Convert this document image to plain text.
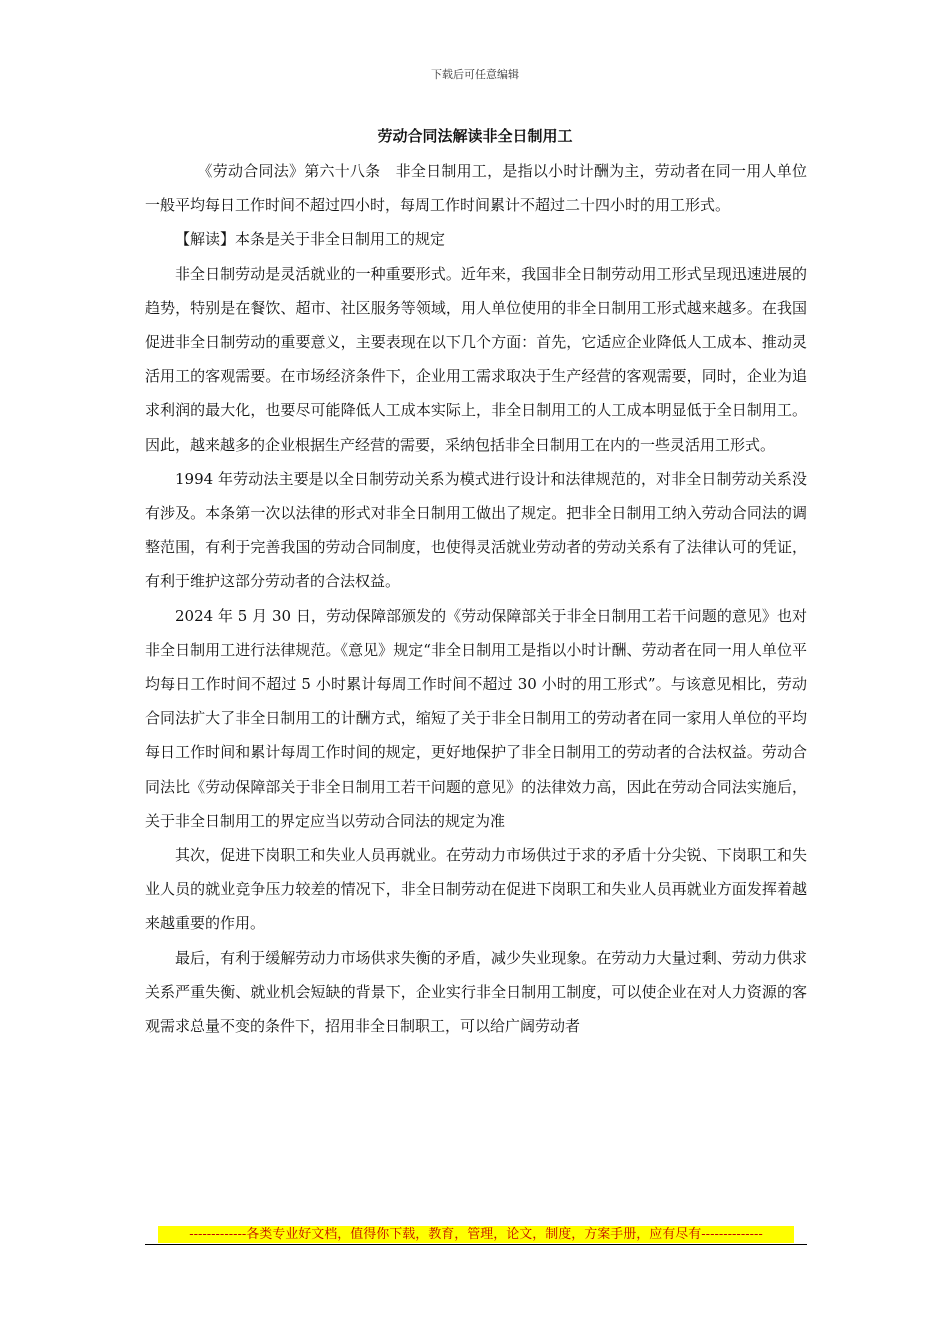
下载后可任意编辑
劳动合同法解读非全日制用工

《劳动合同法》第六十八条　非全日制用工，是指以小时计酬为主，劳动者在同一用人单位一般平均每日工作时间不超过四小时，每周工作时间累计不超过二十四小时的用工形式。

【解读】本条是关于非全日制用工的规定

非全日制劳动是灵活就业的一种重要形式。近年来，我国非全日制劳动用工形式呈现迅速进展的趋势，特别是在餐饮、超市、社区服务等领域，用人单位使用的非全日制用工形式越来越多。在我国促进非全日制劳动的重要意义，主要表现在以下几个方面：首先，它适应企业降低人工成本、推动灵活用工的客观需要。在市场经济条件下，企业用工需求取决于生产经营的客观需要，同时，企业为追求利润的最大化，也要尽可能降低人工成本实际上，非全日制用工的人工成本明显低于全日制用工。因此，越来越多的企业根据生产经营的需要，采纳包括非全日制用工在内的一些灵活用工形式。

1994 年劳动法主要是以全日制劳动关系为模式进行设计和法律规范的，对非全日制劳动关系没有涉及。本条第一次以法律的形式对非全日制用工做出了规定。把非全日制用工纳入劳动合同法的调整范围，有利于完善我国的劳动合同制度，也使得灵活就业劳动者的劳动关系有了法律认可的凭证，有利于维护这部分劳动者的合法权益。

2024 年 5 月 30 日，劳动保障部颁发的《劳动保障部关于非全日制用工若干问题的意见》也对非全日制用工进行法律规范。《意见》规定“非全日制用工是指以小时计酬、劳动者在同一用人单位平均每日工作时间不超过 5 小时累计每周工作时间不超过 30 小时的用工形式”。与该意见相比，劳动合同法扩大了非全日制用工的计酬方式，缩短了关于非全日制用工的劳动者在同一家用人单位的平均每日工作时间和累计每周工作时间的规定，更好地保护了非全日制用工的劳动者的合法权益。劳动合同法比《劳动保障部关于非全日制用工若干问题的意见》的法律效力高，因此在劳动合同法实施后，关于非全日制用工的界定应当以劳动合同法的规定为准

其次，促进下岗职工和失业人员再就业。在劳动力市场供过于求的矛盾十分尖锐、下岗职工和失业人员的就业竞争压力较差的情况下，非全日制劳动在促进下岗职工和失业人员再就业方面发挥着越来越重要的作用。

最后，有利于缓解劳动力市场供求失衡的矛盾，减少失业现象。在劳动力大量过剩、劳动力供求关系严重失衡、就业机会短缺的背景下，企业实行非全日制用工制度，可以使企业在对人力资源的客观需求总量不变的条件下，招用非全日制职工，可以给广阔劳动者

-------------各类专业好文档，值得你下载，教育，管理，论文，制度，方案手册，应有尽有--------------
